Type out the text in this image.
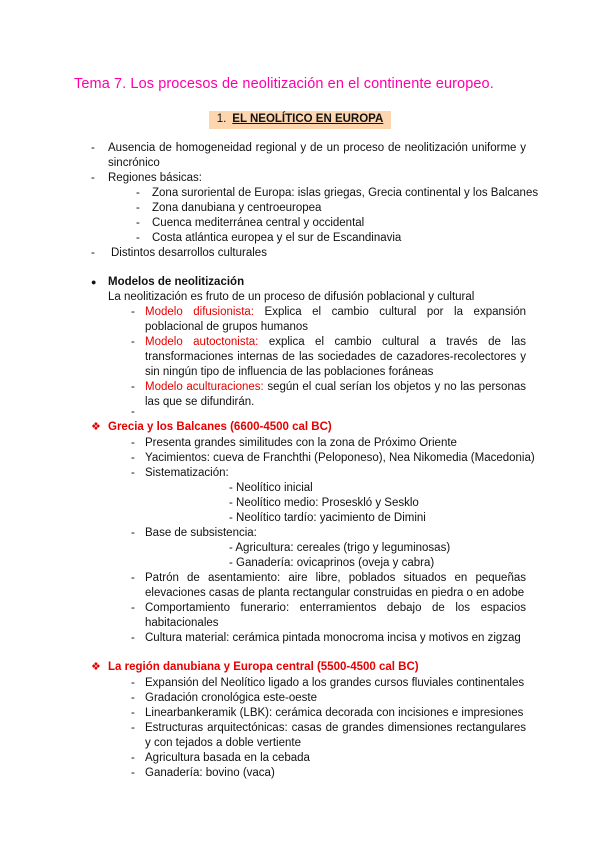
Tema 7. Los procesos de neolitización en el continente europeo.
1. EL NEOLÍTICO EN EUROPA
- Ausencia de homogeneidad regional y de un proceso de neolitización uniforme y sincrónico
- Regiones básicas:
- Zona suroriental de Europa: islas griegas, Grecia continental y los Balcanes
- Zona danubiana y centroeuropea
- Cuenca mediterránea central y occidental
- Costa atlántica europea y el sur de Escandinavia
- Distintos desarrollos culturales
● Modelos de neolitización
La neolitización es fruto de un proceso de difusión poblacional y cultural
- Modelo difusionista: Explica el cambio cultural por la expansión poblacional de grupos humanos
- Modelo autoctonista: explica el cambio cultural a través de las transformaciones internas de las sociedades de cazadores-recolectores y sin ningún tipo de influencia de las poblaciones foráneas
- Modelo aculturaciones: según el cual serían los objetos y no las personas las que se difundirán.
-
❖ Grecia y los Balcanes (6600-4500 cal BC)
- Presenta grandes similitudes con la zona de Próximo Oriente
- Yacimientos: cueva de Franchthi (Peloponeso), Nea Nikomedia (Macedonia)
- Sistematización:
- Neolítico inicial
- Neolítico medio: Proseskló y Sesklo
- Neolítico tardío: yacimiento de Dimini
- Base de subsistencia:
- Agricultura: cereales (trigo y leguminosas)
- Ganadería: ovicaprinos (oveja y cabra)
- Patrón de asentamiento: aire libre, poblados situados en pequeñas elevaciones casas de planta rectangular construidas en piedra o en adobe
- Comportamiento funerario: enterramientos debajo de los espacios habitacionales
- Cultura material: cerámica pintada monocroma incisa y motivos en zigzag
❖ La región danubiana y Europa central (5500-4500 cal BC)
- Expansión del Neolítico ligado a los grandes cursos fluviales continentales
- Gradación cronológica este-oeste
- Linearbankeramik (LBK): cerámica decorada con incisiones e impresiones
- Estructuras arquitectónicas: casas de grandes dimensiones rectangulares y con tejados a doble vertiente
- Agricultura basada en la cebada
- Ganadería: bovino (vaca)
